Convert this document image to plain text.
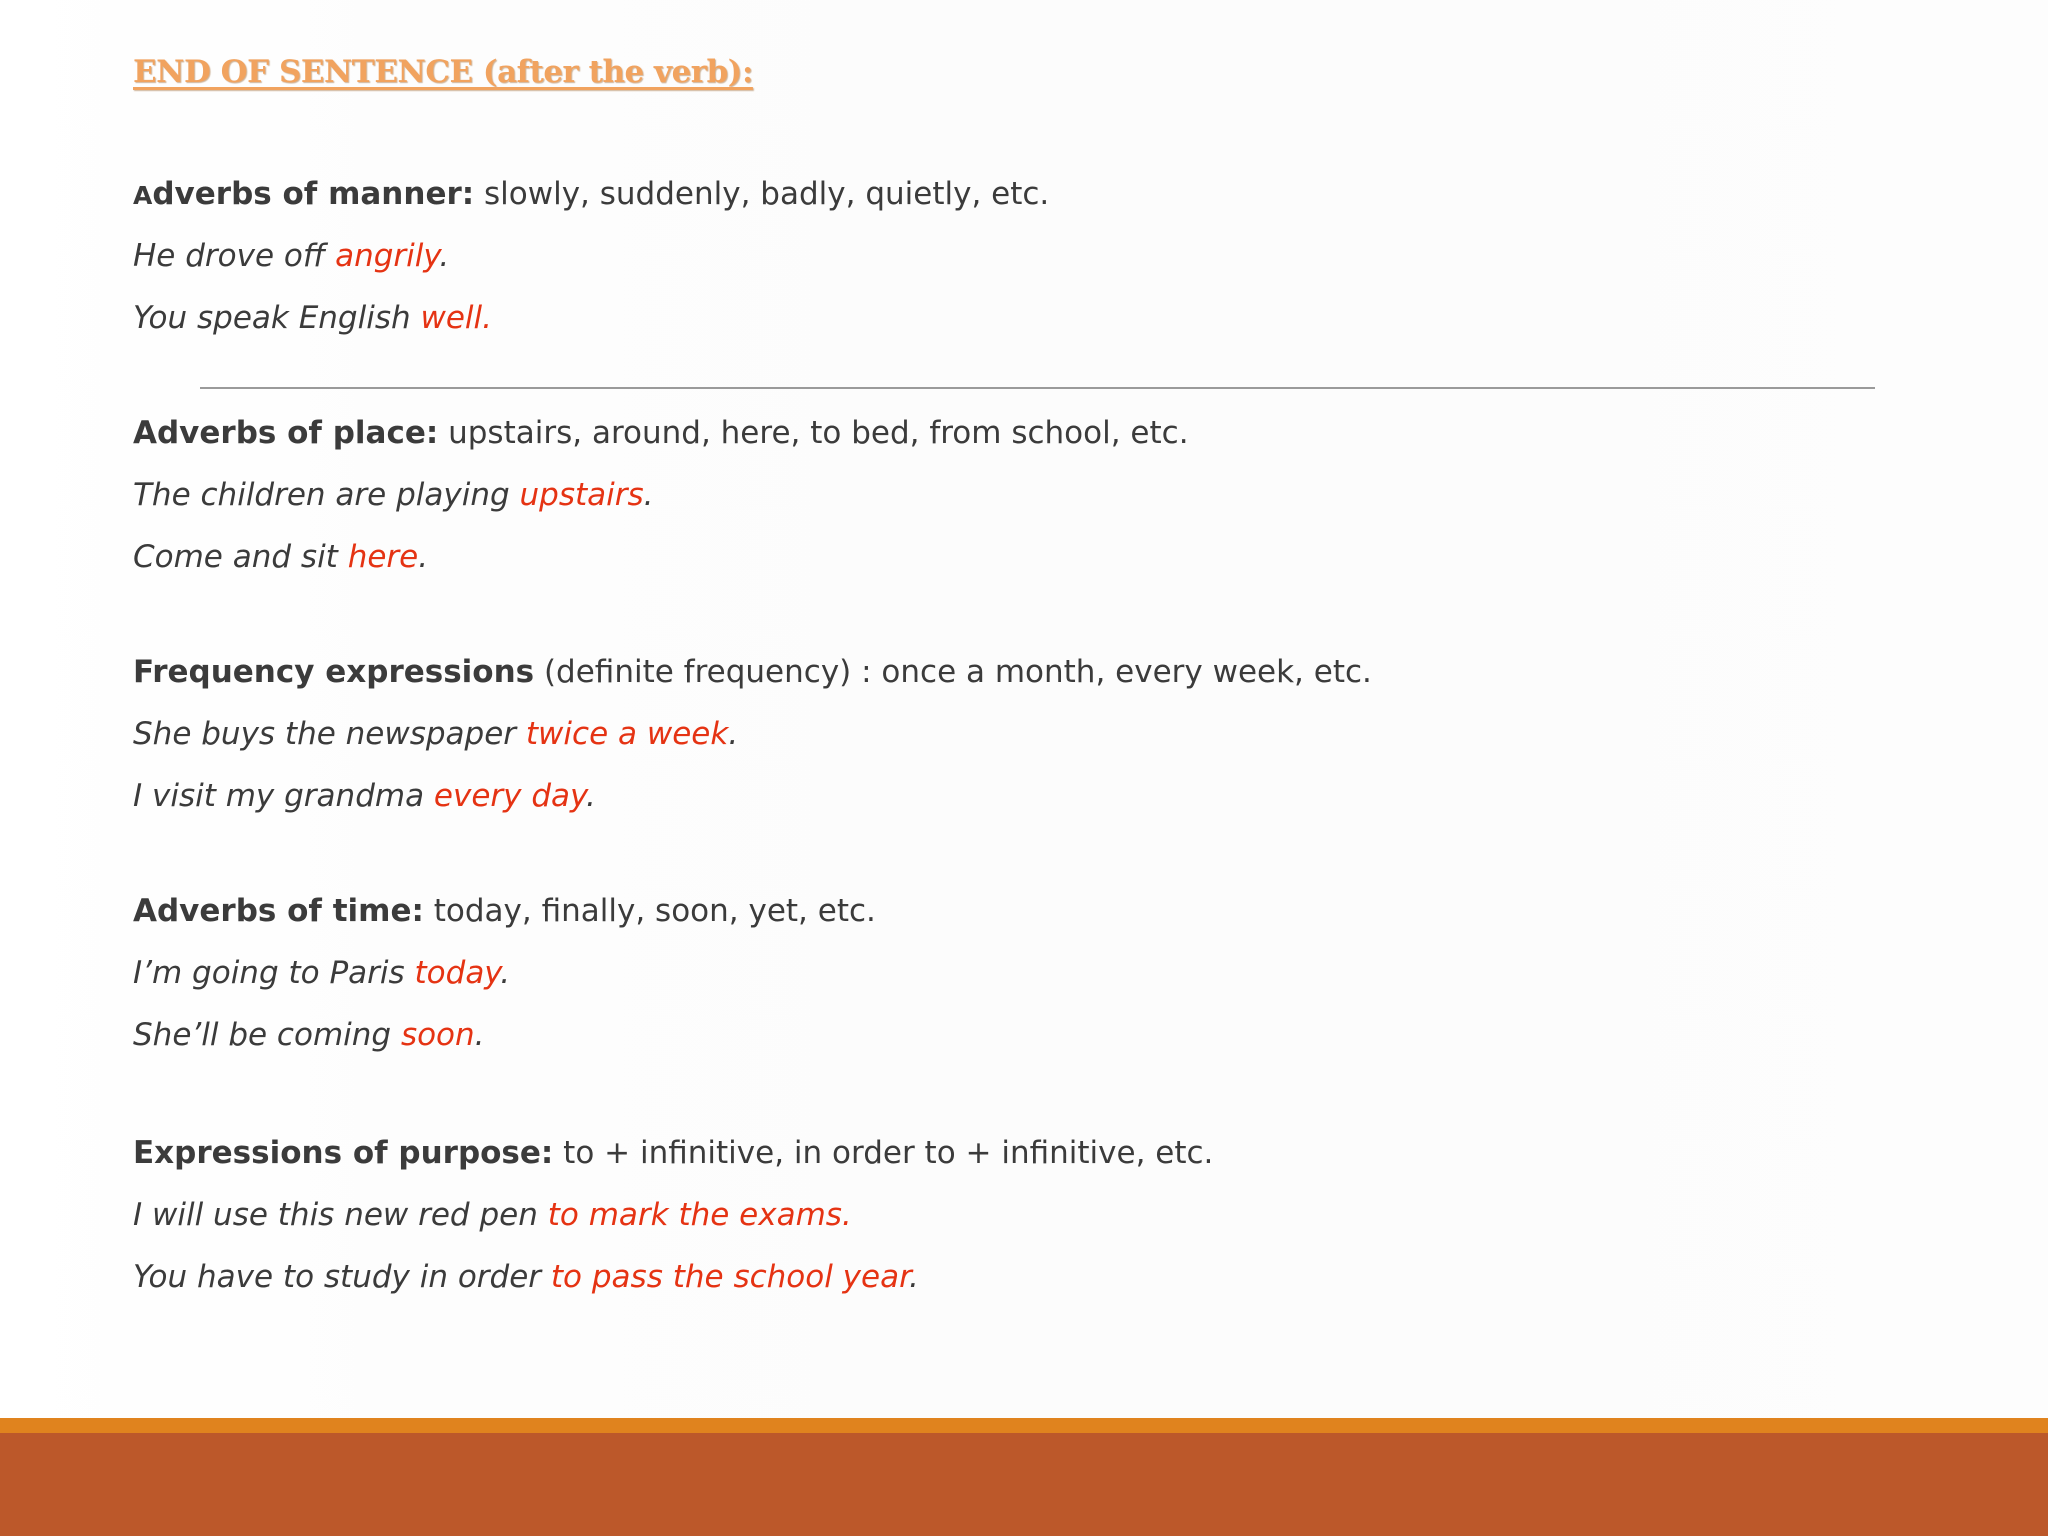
END OF SENTENCE (after the verb):

Adverbs of manner: slowly, suddenly, badly, quietly, etc.

He drove off angrily.

You speak English well.

Adverbs of place: upstairs, around, here, to bed, from school, etc.

The children are playing upstairs.

Come and sit here.

Frequency expressions (definite frequency) : once a month, every week, etc.

She buys the newspaper twice a week.

I visit my grandma every day.

Adverbs of time: today, finally, soon, yet, etc.

I’m going to Paris today.

She’ll be coming soon.

Expressions of purpose: to + infinitive, in order to + infinitive, etc.

I will use this new red pen to mark the exams.

You have to study in order to pass the school year.
